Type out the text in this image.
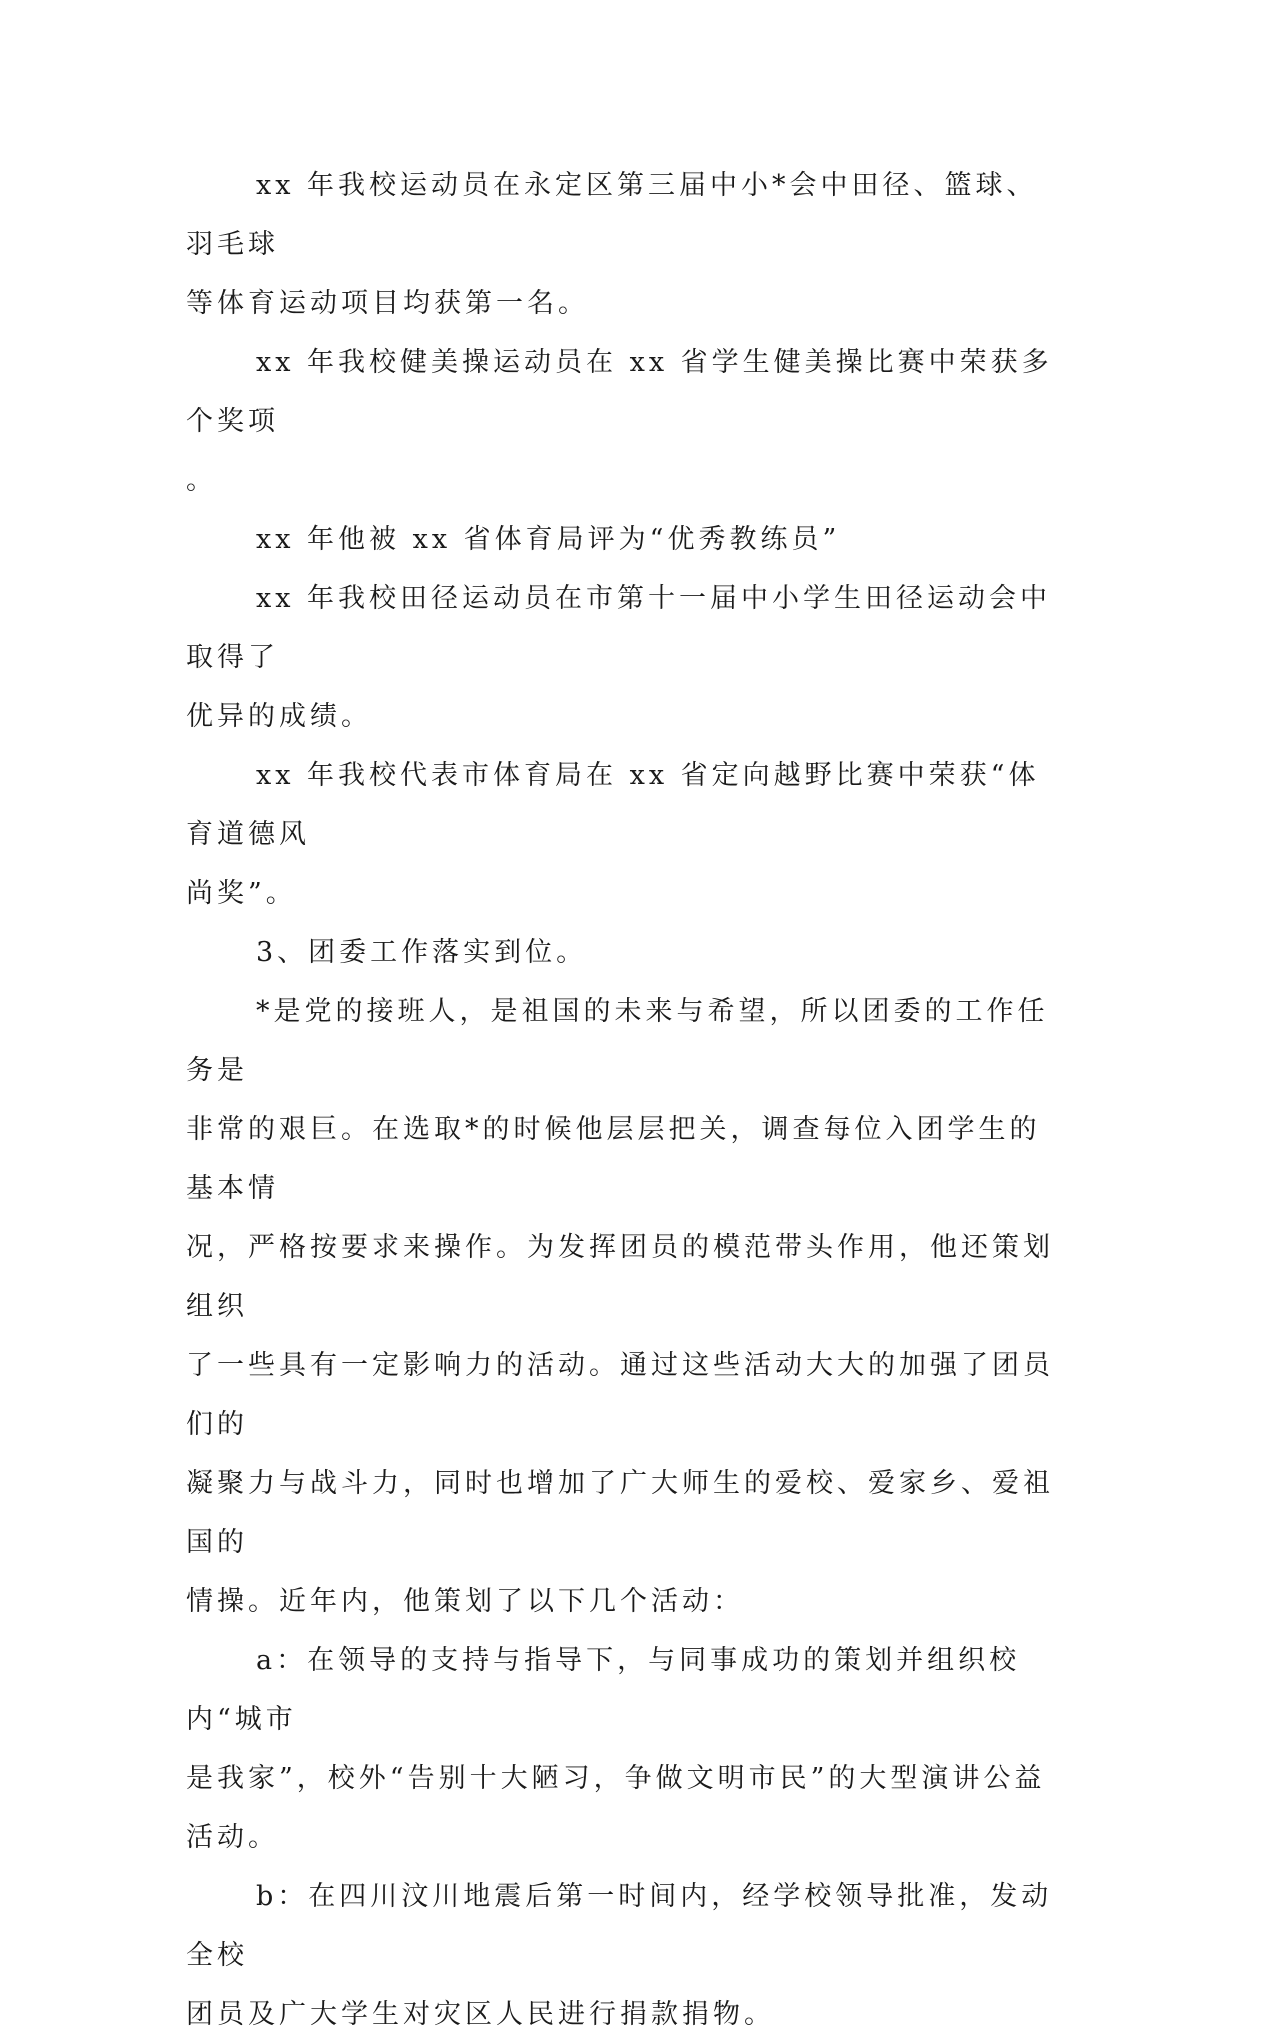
xx 年我校运动员在永定区第三届中小*会中田径、篮球、羽毛球
等体育运动项目均获第一名。

xx 年我校健美操运动员在 xx 省学生健美操比赛中荣获多个奖项
。

xx 年他被 xx 省体育局评为“优秀教练员”

xx 年我校田径运动员在市第十一届中小学生田径运动会中取得了
优异的成绩。

xx 年我校代表市体育局在 xx 省定向越野比赛中荣获“体育道德风
尚奖”。

3、团委工作落实到位。

*是党的接班人，是祖国的未来与希望，所以团委的工作任务是
非常的艰巨。在选取*的时候他层层把关，调查每位入团学生的基本情
况，严格按要求来操作。为发挥团员的模范带头作用，他还策划组织
了一些具有一定影响力的活动。通过这些活动大大的加强了团员们的
凝聚力与战斗力，同时也增加了广大师生的爱校、爱家乡、爱祖国的
情操。近年内，他策划了以下几个活动：

a：在领导的支持与指导下，与同事成功的策划并组织校内“城市
是我家”，校外“告别十大陋习，争做文明市民”的大型演讲公益活动。

b：在四川汶川地震后第一时间内，经学校领导批准，发动全校
团员及广大学生对灾区人民进行捐款捐物。
